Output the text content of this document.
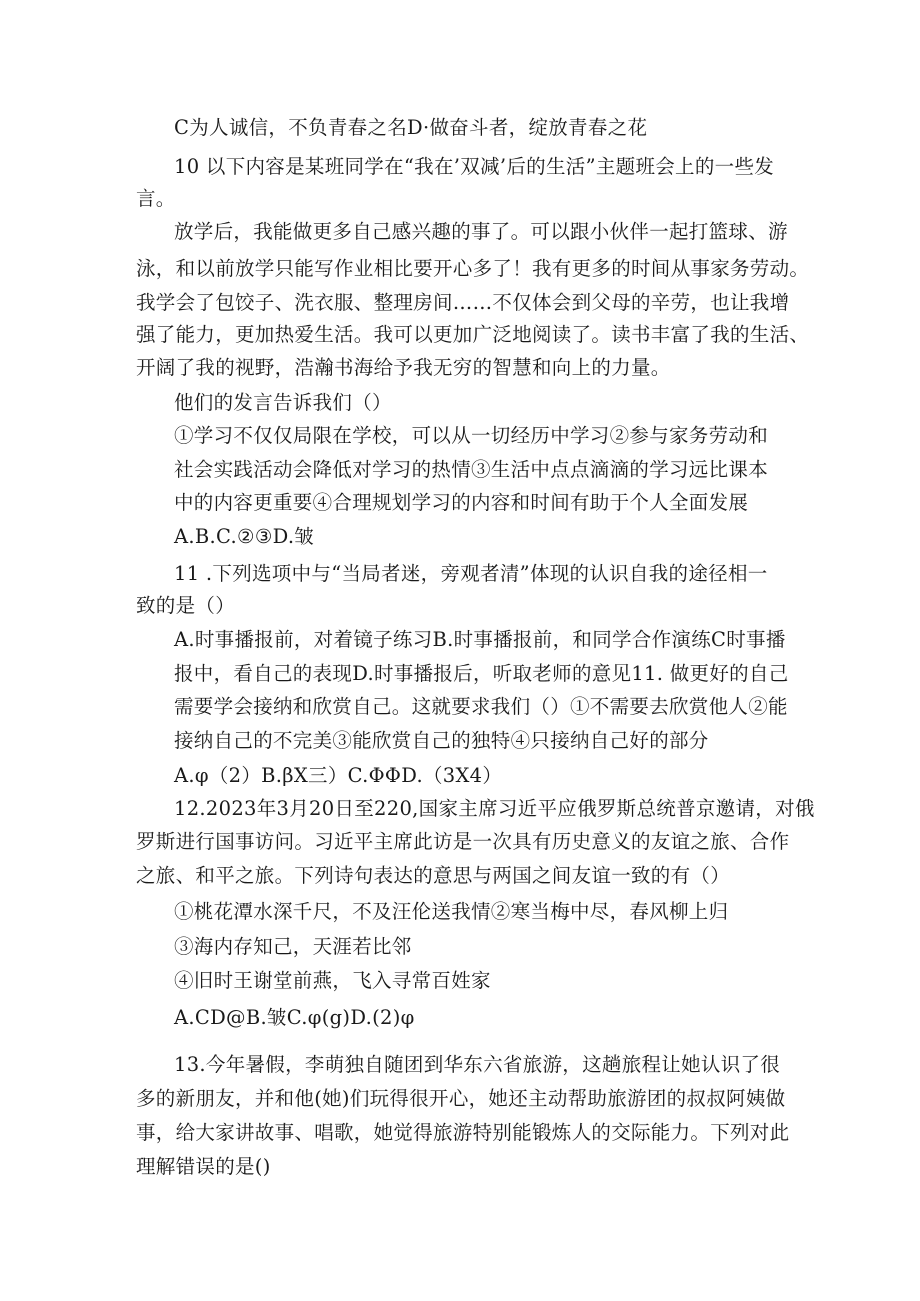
C为人诚信，不负青春之名D·做奋斗者，绽放青春之花
10 以下内容是某班同学在“我在’双减’后的生活”主题班会上的一些发
言。
放学后，我能做更多自己感兴趣的事了。可以跟小伙伴一起打篮球、游
泳，和以前放学只能写作业相比要开心多了！我有更多的时间从事家务劳动。
我学会了包饺子、洗衣服、整理房间……不仅体会到父母的辛劳，也让我增
强了能力，更加热爱生活。我可以更加广泛地阅读了。读书丰富了我的生活、
开阔了我的视野，浩瀚书海给予我无穷的智慧和向上的力量。
他们的发言告诉我们（）
①学习不仅仅局限在学校，可以从一切经历中学习②参与家务劳动和
社会实践活动会降低对学习的热情③生活中点点滴滴的学习远比课本
中的内容更重要④合理规划学习的内容和时间有助于个人全面发展
A.B.C.②③D.皱
11 .下列选项中与“当局者迷，旁观者清”体现的认识自我的途径相一
致的是（）
A.时事播报前，对着镜子练习B.时事播报前，和同学合作演练C时事播
报中，看自己的表现D.时事播报后，听取老师的意见11. 做更好的自己
需要学会接纳和欣赏自己。这就要求我们（）①不需要去欣赏他人②能
接纳自己的不完美③能欣赏自己的独特④只接纳自己好的部分
A.φ（2）B.βX三）C.ΦΦD.（3X4）
12.2023年3月20日至220,国家主席习近平应俄罗斯总统普京邀请，对俄
罗斯进行国事访问。习近平主席此访是一次具有历史意义的友谊之旅、合作
之旅、和平之旅。下列诗句表达的意思与两国之间友谊一致的有（）
①桃花潭水深千尺，不及汪伦送我情②寒当梅中尽，春风柳上归
③海内存知己，天涯若比邻
④旧时王谢堂前燕，飞入寻常百姓家
A.CD@B.皱C.φ(g)D.(2)φ
13.今年暑假，李萌独自随团到华东六省旅游，这趟旅程让她认识了很
多的新朋友，并和他(她)们玩得很开心，她还主动帮助旅游团的叔叔阿姨做
事，给大家讲故事、唱歌，她觉得旅游特别能锻炼人的交际能力。下列对此
理解错误的是()
